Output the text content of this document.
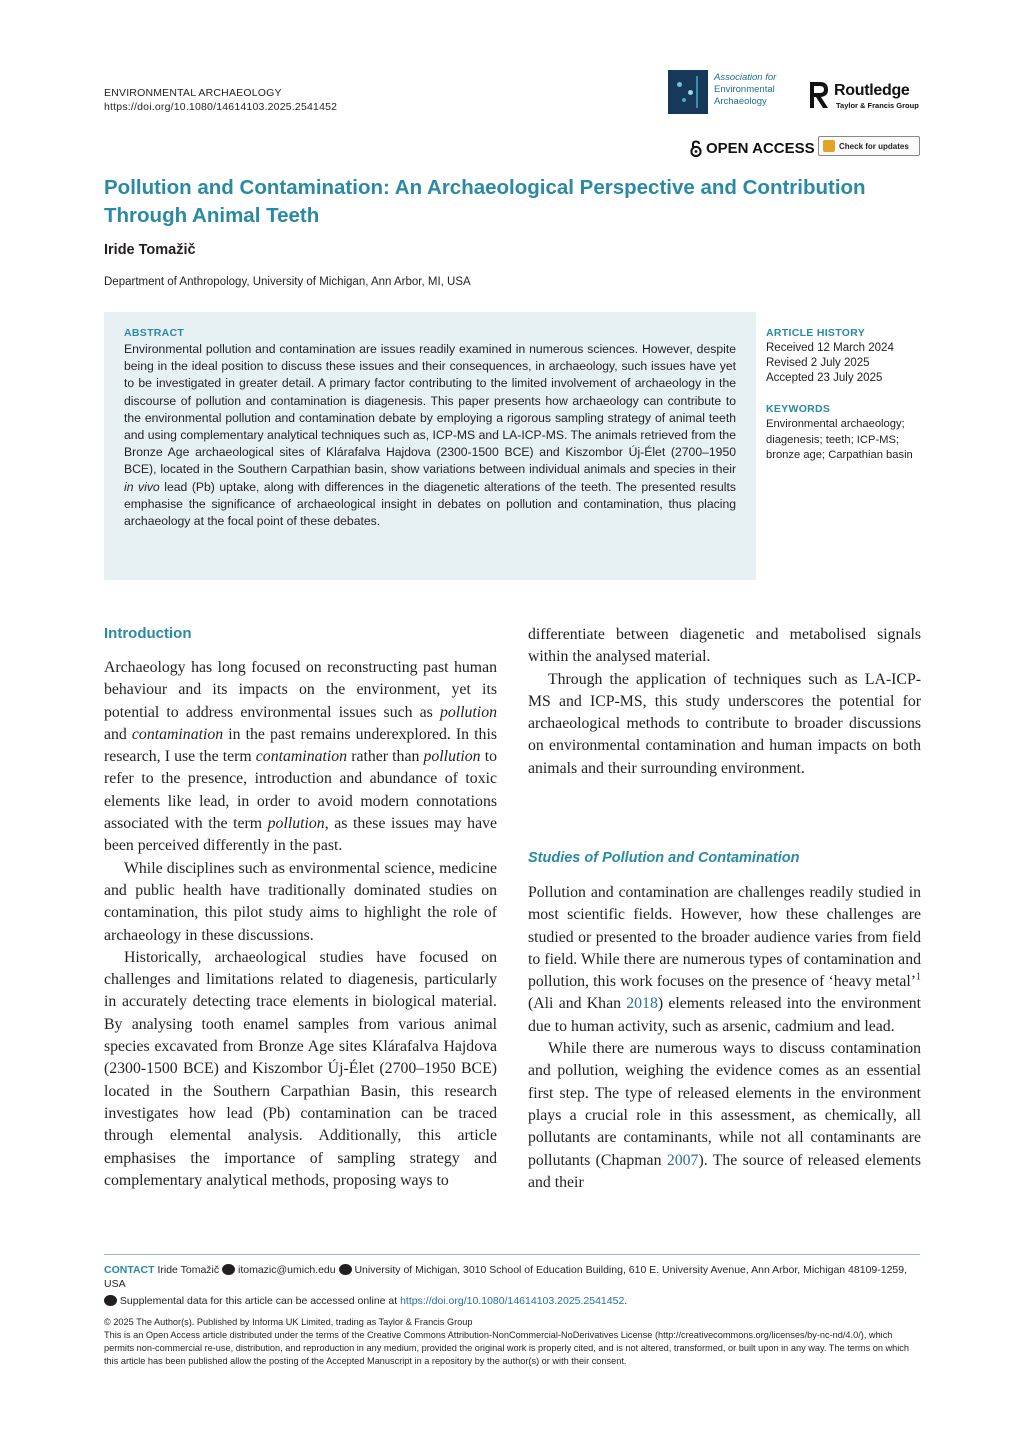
ENVIRONMENTAL ARCHAEOLOGY
https://doi.org/10.1080/14614103.2025.2541452
Association for
Environmental
Archaeology
Routledge
Taylor & Francis Group
OPEN ACCESS	Check for updates
Pollution and Contamination: An Archaeological Perspective and Contribution Through Animal Teeth
Iride Tomažič
Department of Anthropology, University of Michigan, Ann Arbor, MI, USA
ABSTRACT
Environmental pollution and contamination are issues readily examined in numerous sciences. However, despite being in the ideal position to discuss these issues and their consequences, in archaeology, such issues have yet to be investigated in greater detail. A primary factor contributing to the limited involvement of archaeology in the discourse of pollution and contamination is diagenesis. This paper presents how archaeology can contribute to the environmental pollution and contamination debate by employing a rigorous sampling strategy of animal teeth and using complementary analytical techniques such as, ICP-MS and LA-ICP-MS. The animals retrieved from the Bronze Age archaeological sites of Klárafalva Hajdova (2300-1500 BCE) and Kiszombor Új-Élet (2700–1950 BCE), located in the Southern Carpathian basin, show variations between individual animals and species in their in vivo lead (Pb) uptake, along with differences in the diagenetic alterations of the teeth. The presented results emphasise the significance of archaeological insight in debates on pollution and contamination, thus placing archaeology at the focal point of these debates.
ARTICLE HISTORY
Received 12 March 2024
Revised 2 July 2025
Accepted 23 July 2025
KEYWORDS
Environmental archaeology; diagenesis; teeth; ICP-MS; bronze age; Carpathian basin
Introduction

Archaeology has long focused on reconstructing past human behaviour and its impacts on the environment, yet its potential to address environmental issues such as pollution and contamination in the past remains underexplored. In this research, I use the term contamination rather than pollution to refer to the presence, introduction and abundance of toxic elements like lead, in order to avoid modern connotations associated with the term pollution, as these issues may have been perceived differently in the past.

While disciplines such as environmental science, medicine and public health have traditionally dominated studies on contamination, this pilot study aims to highlight the role of archaeology in these discussions.

Historically, archaeological studies have focused on challenges and limitations related to diagenesis, particularly in accurately detecting trace elements in biological material. By analysing tooth enamel samples from various animal species excavated from Bronze Age sites Klárafalva Hajdova (2300-1500 BCE) and Kiszombor Új-Élet (2700–1950 BCE) located in the Southern Carpathian Basin, this research investigates how lead (Pb) contamination can be traced through elemental analysis. Additionally, this article emphasises the importance of sampling strategy and complementary analytical methods, proposing ways to

differentiate between diagenetic and metabolised signals within the analysed material.

Through the application of techniques such as LA-ICP-MS and ICP-MS, this study underscores the potential for archaeological methods to contribute to broader discussions on environmental contamination and human impacts on both animals and their surrounding environment.

Studies of Pollution and Contamination

Pollution and contamination are challenges readily studied in most scientific fields. However, how these challenges are studied or presented to the broader audience varies from field to field. While there are numerous types of contamination and pollution, this work focuses on the presence of ‘heavy metal’$^1$ (Ali and Khan 2018) elements released into the environment due to human activity, such as arsenic, cadmium and lead.

While there are numerous ways to discuss contamination and pollution, weighing the evidence comes as an essential first step. The type of released elements in the environment plays a crucial role in this assessment, as chemically, all pollutants are contaminants, while not all contaminants are pollutants (Chapman 2007). The source of released elements and their

CONTACT Iride Tomažič itomazic@umich.edu University of Michigan, 3010 School of Education Building, 610 E. University Avenue, Ann Arbor, Michigan 48109-1259, USA
Supplemental data for this article can be accessed online at https://doi.org/10.1080/14614103.2025.2541452.
© 2025 The Author(s). Published by Informa UK Limited, trading as Taylor & Francis Group
This is an Open Access article distributed under the terms of the Creative Commons Attribution-NonCommercial-NoDerivatives License (http://creativecommons.org/licenses/by-nc-nd/4.0/), which permits non-commercial re-use, distribution, and reproduction in any medium, provided the original work is properly cited, and is not altered, transformed, or built upon in any way. The terms on which this article has been published allow the posting of the Accepted Manuscript in a repository by the author(s) or with their consent.
